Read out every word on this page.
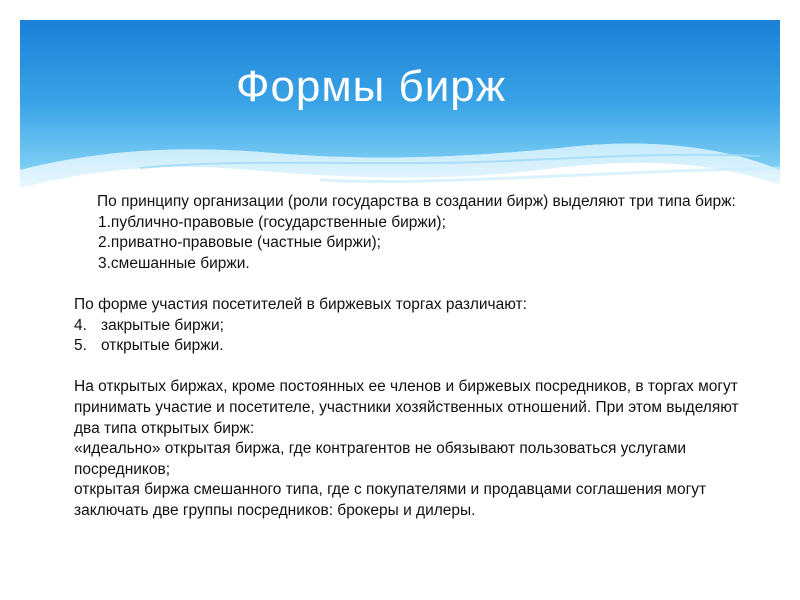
Формы бирж

По принципу организации (роли государства в создании бирж) выделяют три типа бирж:

1.публично-правовые (государственные биржи);

2.приватно-правовые (частные биржи);

3.смешанные биржи.

По форме участия посетителей в биржевых торгах различают:

4. закрытые биржи;

5. открытые биржи.

На открытых биржах, кроме постоянных ее членов и биржевых посредников, в торгах могут принимать участие и посетителе, участники хозяйственных отношений. При этом выделяют два типа открытых бирж:

«идеально» открытая биржа, где контрагентов не обязывают пользоваться услугами посредников;

открытая биржа смешанного типа, где с покупателями и продавцами соглашения могут заключать две группы посредников: брокеры и дилеры.
